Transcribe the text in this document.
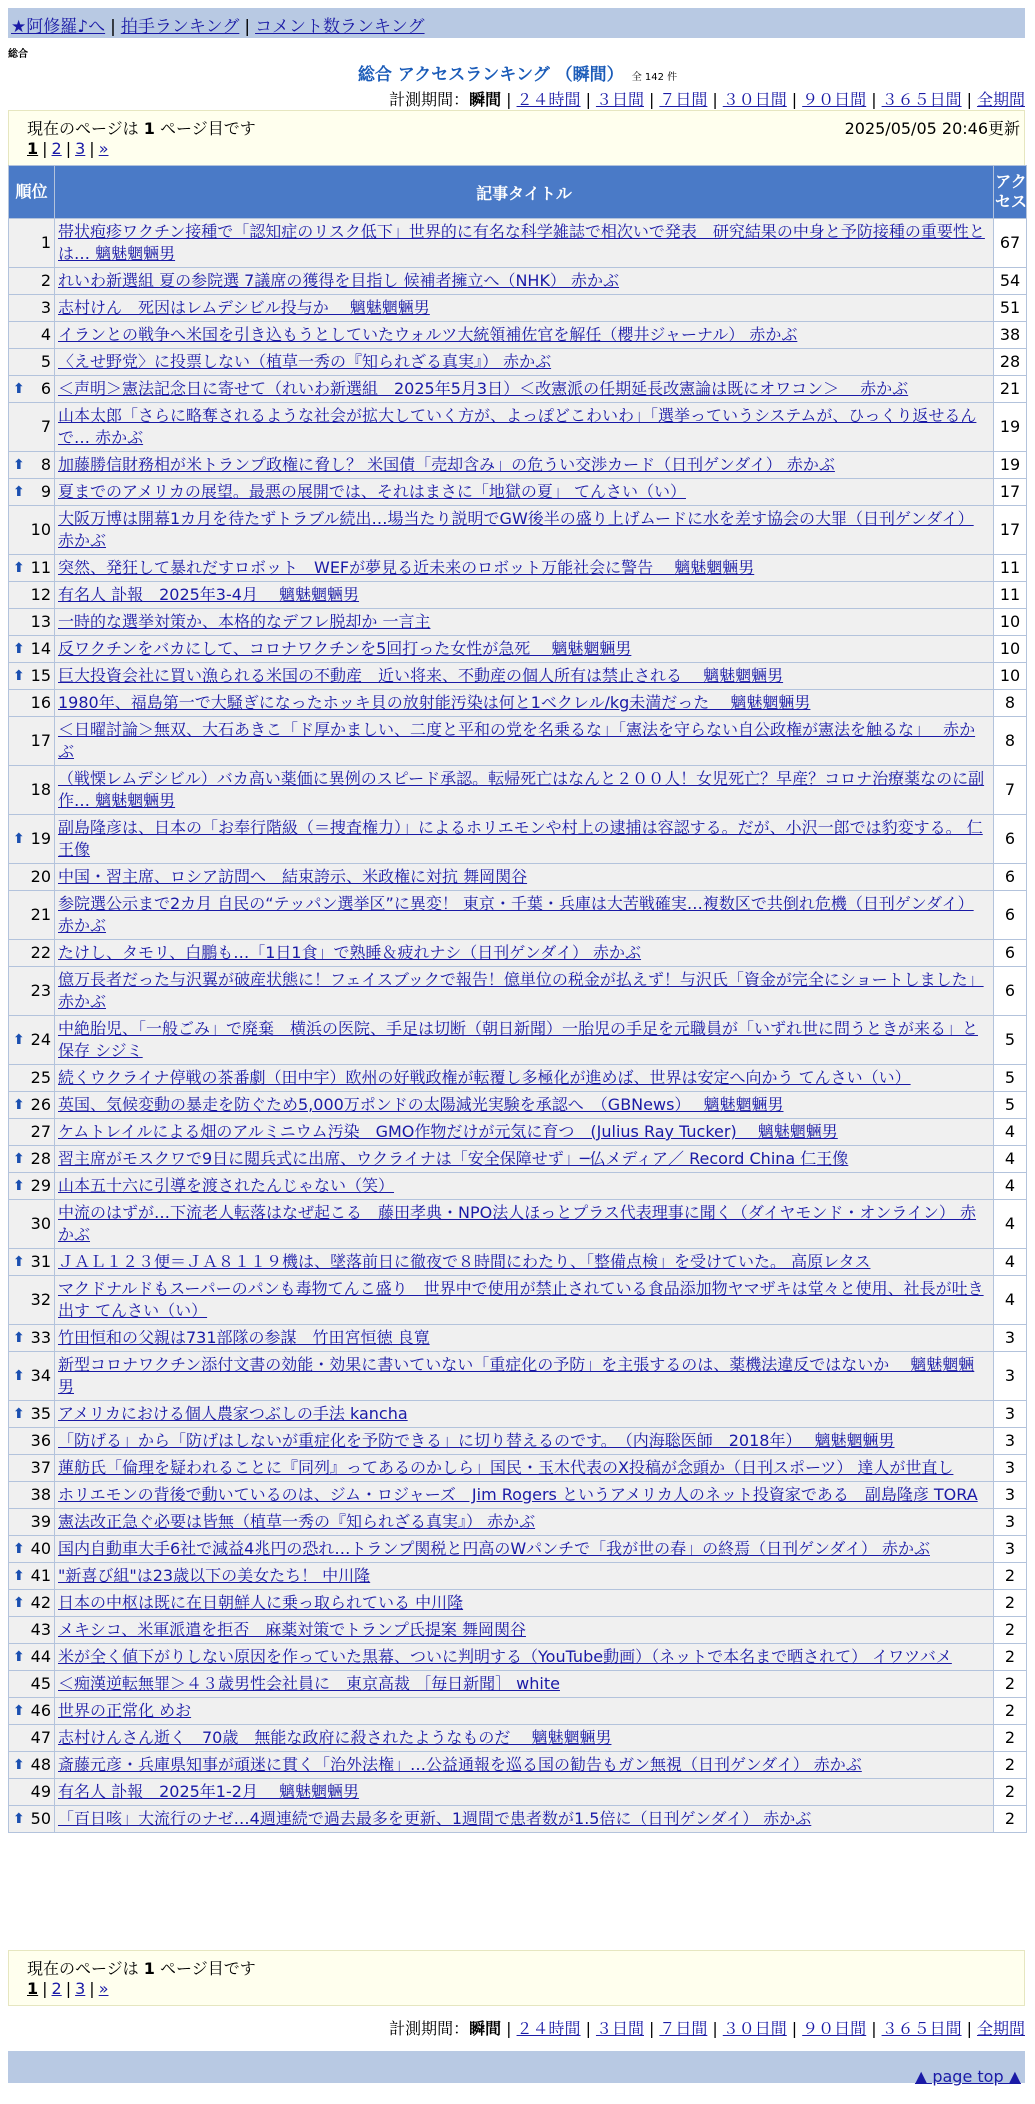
★阿修羅♪へ | 拍手ランキング | コメント数ランキング
総合
総合 アクセスランキング （瞬間） 全 142 件
計測期間：瞬間 | ２４時間 | ３日間 | ７日間 | ３０日間 | ９０日間 | ３６５日間 | 全期間
現在のページは 1 ページ目です	2025/05/05 20:46更新
1 | 2 | 3 | »
順位	記事タイトル	アクセス
1	帯状疱疹ワクチン接種で「認知症のリスク低下」世界的に有名な科学雑誌で相次いで発表　研究結果の中身と予防接種の重要性とは… 魑魅魍魎男	67
2	れいわ新選組 夏の参院選 7議席の獲得を目指し 候補者擁立へ（NHK） 赤かぶ	54
3	志村けん　死因はレムデシビル投与か　 魑魅魍魎男	51
4	イランとの戦争へ米国を引き込もうとしていたウォルツ大統領補佐官を解任（櫻井ジャーナル） 赤かぶ	38
5	〈えせ野党〉に投票しない（植草一秀の『知られざる真実』） 赤かぶ	28

⬆ 6	＜声明＞憲法記念日に寄せて（れいわ新選組　2025年5月3日）＜改憲派の任期延長改憲論は既にオワコン＞　 赤かぶ	21
7	山本太郎「さらに略奪されるような社会が拡大していく方が、よっぽどこわいわ」「選挙っていうシステムが、ひっくり返せるんで… 赤かぶ	19

⬆ 8	加藤勝信財務相が米トランプ政権に脅し？ 米国債「売却含み」の危うい交渉カード（日刊ゲンダイ） 赤かぶ	19

⬆ 9	夏までのアメリカの展望。最悪の展開では、それはまさに「地獄の夏」 てんさい（い）	17
10	大阪万博は開幕1カ月を待たずトラブル続出…場当たり説明でGW後半の盛り上げムードに水を差す協会の大罪（日刊ゲンダイ） 赤かぶ	17

⬆ 11	突然、発狂して暴れだすロボット　WEFが夢見る近未来のロボット万能社会に警告　 魑魅魍魎男	11
12	有名人 訃報　2025年3-4月　 魑魅魍魎男	11
13	一時的な選挙対策か、本格的なデフレ脱却か 一言主	10

⬆ 14	反ワクチンをバカにして、コロナワクチンを5回打った女性が急死　 魑魅魍魎男	10

⬆ 15	巨大投資会社に買い漁られる米国の不動産　近い将来、不動産の個人所有は禁止される　 魑魅魍魎男	10
16	1980年、福島第一で大騒ぎになったホッキ貝の放射能汚染は何と1ベクレル/kg未満だった　 魑魅魍魎男	8
17	＜日曜討論＞無双、大石あきこ「ド厚かましい、二度と平和の党を名乗るな」「憲法を守らない自公政権が憲法を触るな」　 赤かぶ	8
18	（戦慄レムデシビル）バカ高い薬価に異例のスピード承認。転帰死亡はなんと２００人！女児死亡？早産？コロナ治療薬なのに副作… 魑魅魍魎男	7

⬆ 19	副島隆彦は、日本の「お奉行階級（＝捜査権力）」によるホリエモンや村上の逮捕は容認する。だが、小沢一郎では豹変する。 仁王像	6
20	中国・習主席、ロシア訪問へ　結束誇示、米政権に対抗 舞岡関谷	6
21	参院選公示まで2カ月 自民の“テッパン選挙区”に異変！ 東京・千葉・兵庫は大苦戦確実…複数区で共倒れ危機（日刊ゲンダイ） 赤かぶ	6
22	たけし、タモリ、白鵬も…「1日1食」で熟睡＆疲れナシ（日刊ゲンダイ） 赤かぶ	6
23	億万長者だった与沢翼が破産状態に！フェイスブックで報告！億単位の税金が払えず！与沢氏「資金が完全にショートしました」 赤かぶ	6

⬆ 24	中絶胎児、「一般ごみ」で廃棄　横浜の医院、手足は切断（朝日新聞）一胎児の手足を元職員が「いずれ世に問うときが来る」と保存 シジミ	5
25	続くウクライナ停戦の茶番劇（田中宇）欧州の好戦政権が転覆し多極化が進めば、世界は安定へ向かう てんさい（い）	5

⬆ 26	英国、気候変動の暴走を防ぐため5,000万ポンドの太陽減光実験を承認へ　（GBNews）　 魑魅魍魎男	5
27	ケムトレイルによる畑のアルミニウム汚染　GMO作物だけが元気に育つ　(Julius Ray Tucker)　 魑魅魍魎男	4

⬆ 28	習主席がモスクワで9日に閲兵式に出席、ウクライナは「安全保障せず」─仏メディア／ Record China 仁王像	4

⬆ 29	山本五十六に引導を渡されたんじゃない（笑）	4
30	中流のはずが…下流老人転落はなぜ起こる　藤田孝典・NPO法人ほっとプラス代表理事に聞く（ダイヤモンド・オンライン） 赤かぶ	4

⬆ 31	ＪＡＬ１２３便＝ＪＡ８１１９機は、墜落前日に徹夜で８時間にわたり、「整備点検」を受けていた。 高原レタス	4
32	マクドナルドもスーパーのパンも毒物てんこ盛り　世界中で使用が禁止されている食品添加物ヤマザキは堂々と使用、社長が吐き出す てんさい（い）	4

⬆ 33	竹田恒和の父親は731部隊の参謀　竹田宮恒徳 良寛	3

⬆ 34	新型コロナワクチン添付文書の効能・効果に書いていない「重症化の予防」を主張するのは、薬機法違反ではないか　 魑魅魍魎男	3

⬆ 35	アメリカにおける個人農家つぶしの手法 kancha	3
36	「防げる」から「防げはしないが重症化を予防できる」に切り替えるのです。　（内海聡医師　2018年）　 魑魅魍魎男	3
37	蓮舫氏「倫理を疑われることに『同列』ってあるのかしら」国民・玉木代表のX投稿が念頭か（日刊スポーツ） 達人が世直し	3
38	ホリエモンの背後で動いているのは、ジム・ロジャーズ　Jim Rogers というアメリカ人のネット投資家である　副島隆彦 TORA	3
39	憲法改正急ぐ必要は皆無（植草一秀の『知られざる真実』） 赤かぶ	3

⬆ 40	国内自動車大手6社で減益4兆円の恐れ…トランプ関税と円高のWパンチで「我が世の春」の終焉（日刊ゲンダイ） 赤かぶ	3

⬆ 41	"新喜び組"は23歳以下の美女たち！ 中川隆	2

⬆ 42	日本の中枢は既に在日朝鮮人に乗っ取られている 中川隆	2
43	メキシコ、米軍派遣を拒否　麻薬対策でトランプ氏提案 舞岡関谷	2

⬆ 44	米が全く値下がりしない原因を作っていた黒幕、ついに判明する（YouTube動画）（ネットで本名まで晒されて） イワツバメ	2
45	＜痴漢逆転無罪＞４３歳男性会社員に　東京高裁 ［毎日新聞］ white	2

⬆ 46	世界の正常化 めお	2
47	志村けんさん逝く　70歳　無能な政府に殺されたようなものだ　 魑魅魍魎男	2

⬆ 48	斎藤元彦・兵庫県知事が頑迷に貫く「治外法権」…公益通報を巡る国の勧告もガン無視（日刊ゲンダイ） 赤かぶ	2
49	有名人 訃報　2025年1-2月　 魑魅魍魎男	2

⬆ 50	「百日咳」大流行のナゼ…4週連続で過去最多を更新、1週間で患者数が1.5倍に（日刊ゲンダイ） 赤かぶ	2
現在のページは 1 ページ目です
1 | 2 | 3 | »
計測期間：瞬間 | ２４時間 | ３日間 | ７日間 | ３０日間 | ９０日間 | ３６５日間 | 全期間
▲ page top ▲
